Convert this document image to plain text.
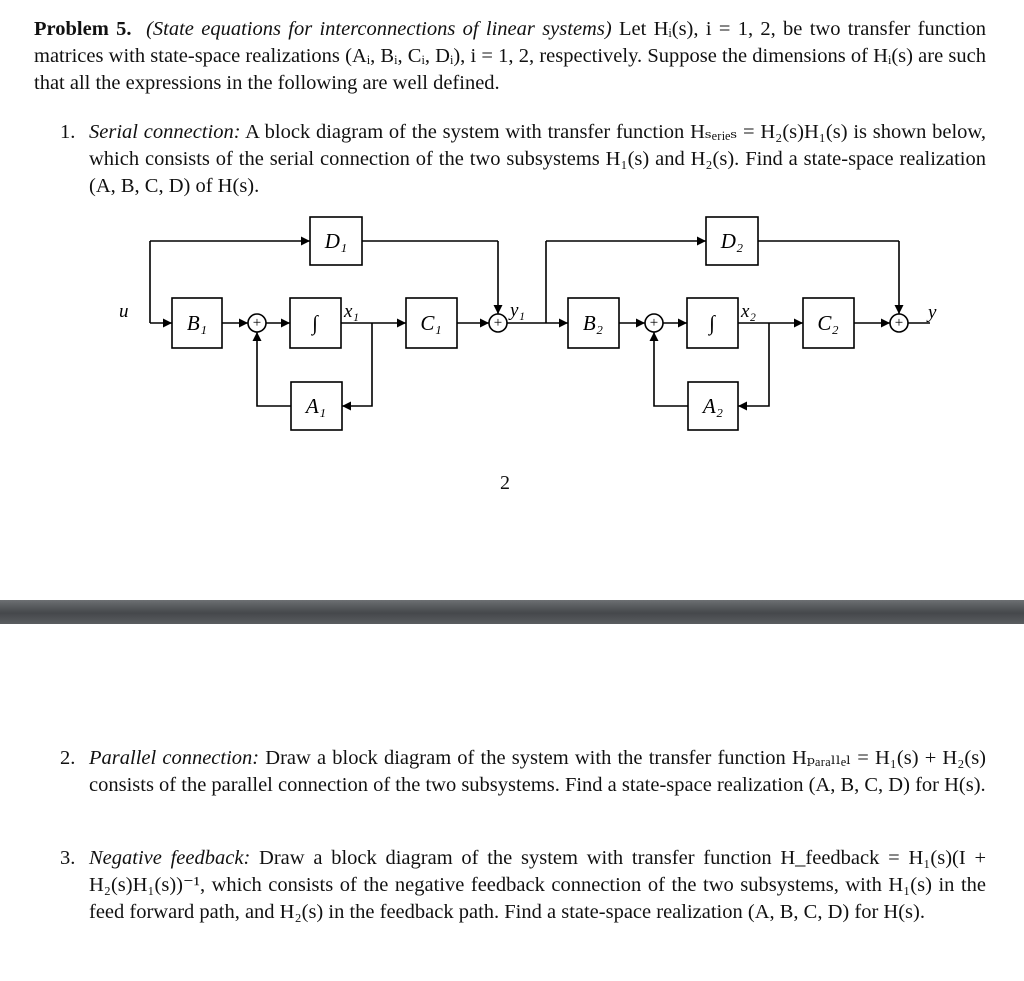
Problem 5. (State equations for interconnections of linear systems) Let Hᵢ(s), i = 1, 2, be two transfer function matrices with state-space realizations (Aᵢ, Bᵢ, Cᵢ, Dᵢ), i = 1, 2, respectively. Suppose the dimensions of Hᵢ(s) are such that all the expressions in the following are well defined.
1. Serial connection: A block diagram of the system with transfer function Hₛₑᵣᵢₑₛ = H₂(s)H₁(s) is shown below, which consists of the serial connection of the two subsystems H₁(s) and H₂(s). Find a state-space realization (A, B, C, D) of H(s).
+	+	+	+
B₁
A₁
C₁
D₁
B₂
A₂
C₂
D₂
∫	∫
u	x₁	y₁	x₂	y
2
2. Parallel connection: Draw a block diagram of the system with the transfer function Hₚₐᵣₐₗₗₑₗ = H₁(s) + H₂(s) consists of the parallel connection of the two subsystems. Find a state-space realization (A, B, C, D) for H(s).
3. Negative feedback: Draw a block diagram of the system with transfer function H_feedback = H₁(s)(I + H₂(s)H₁(s))⁻¹, which consists of the negative feedback connection of the two subsystems, with H₁(s) in the feed forward path, and H₂(s) in the feedback path. Find a state-space realization (A, B, C, D) for H(s).
